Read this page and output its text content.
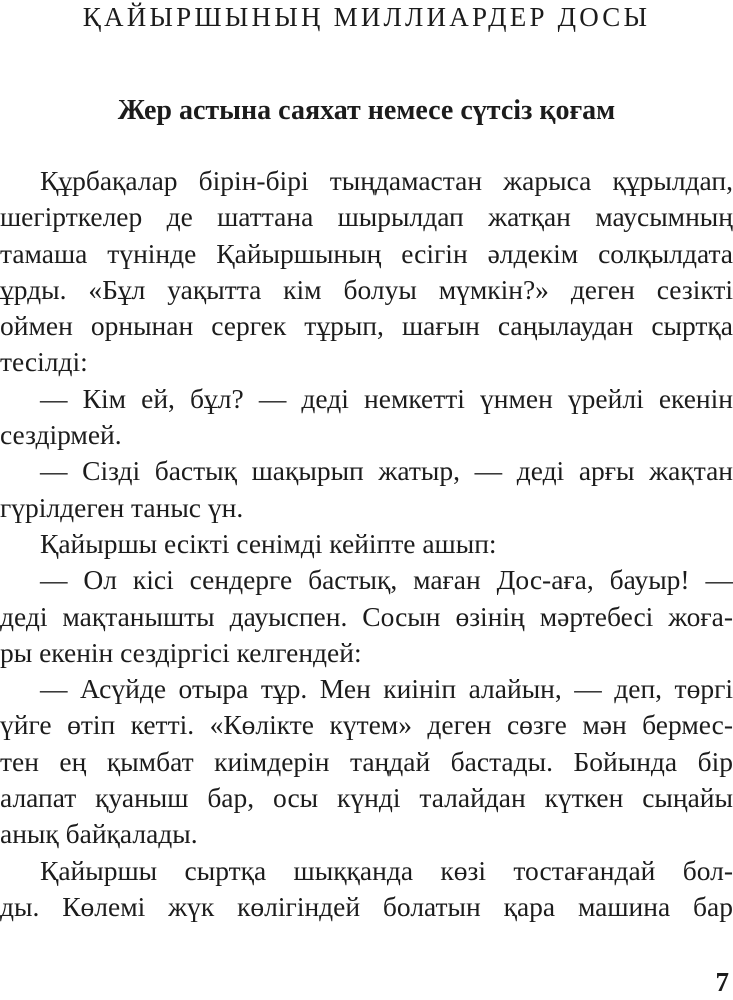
ҚАЙЫРШЫНЫҢ МИЛЛИАРДЕР ДОСЫ
Жер астына саяхат немесе сүтсіз қоғам
Құрбақалар бірін-бірі тыңдамастан жарыса құрылдап,
шегірткелер де шаттана шырылдап жатқан маусымның
тамаша түнінде Қайыршының есігін әлдекім солқылдата
ұрды. «Бұл уақытта кім болуы мүмкін?» деген сезікті
оймен орнынан сергек тұрып, шағын саңылаудан сыртқа
тесілді:
— Кім ей, бұл? — деді немкетті үнмен үрейлі екенін
сездірмей.
— Сізді бастық шақырып жатыр, — деді арғы жақтан
гүрілдеген таныс үн.
Қайыршы есікті сенімді кейіпте ашып:
— Ол кісі сендерге бастық, маған Дос-аға, бауыр! —
деді мақтанышты дауыспен. Сосын өзінің мәртебесі жоға-
ры екенін сездіргісі келгендей:
— Асүйде отыра тұр. Мен киініп алайын, — деп, төргі
үйге өтіп кетті. «Көлікте күтем» деген сөзге мән бермес-
тен ең қымбат киімдерін таңдай бастады. Бойында бір
алапат қуаныш бар, осы күнді талайдан күткен сыңайы
анық байқалады.
Қайыршы сыртқа шыққанда көзі тостағандай бол-
ды. Көлемі жүк көлігіндей болатын қара машина бар
7
